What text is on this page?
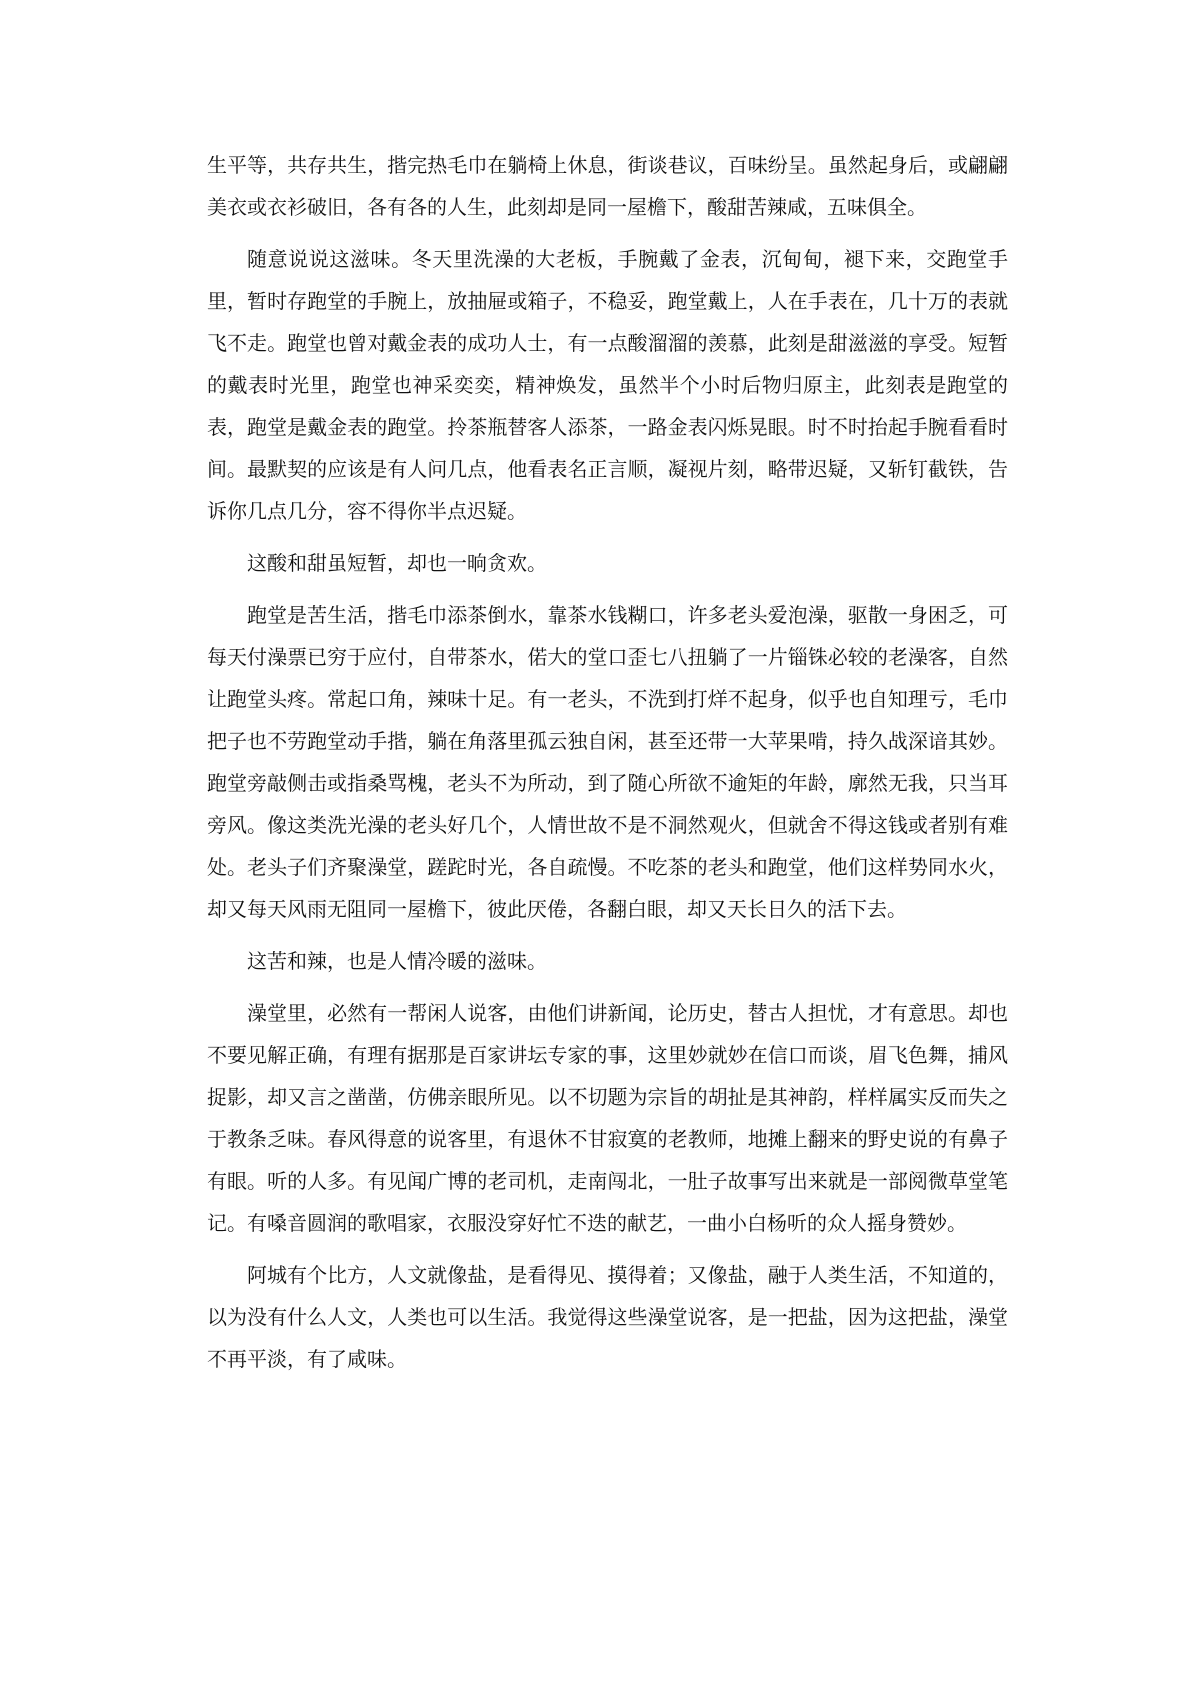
生平等，共存共生，揩完热毛巾在躺椅上休息，街谈巷议，百味纷呈。虽然起身后，或翩翩美衣或衣衫破旧，各有各的人生，此刻却是同一屋檐下，酸甜苦辣咸，五味俱全。

随意说说这滋味。冬天里洗澡的大老板，手腕戴了金表，沉甸甸，褪下来，交跑堂手里，暂时存跑堂的手腕上，放抽屉或箱子，不稳妥，跑堂戴上，人在手表在，几十万的表就飞不走。跑堂也曾对戴金表的成功人士，有一点酸溜溜的羡慕，此刻是甜滋滋的享受。短暂的戴表时光里，跑堂也神采奕奕，精神焕发，虽然半个小时后物归原主，此刻表是跑堂的表，跑堂是戴金表的跑堂。拎茶瓶替客人添茶，一路金表闪烁晃眼。时不时抬起手腕看看时间。最默契的应该是有人问几点，他看表名正言顺，凝视片刻，略带迟疑，又斩钉截铁，告诉你几点几分，容不得你半点迟疑。

这酸和甜虽短暂，却也一晌贪欢。

跑堂是苦生活，揩毛巾添茶倒水，靠茶水钱糊口，许多老头爱泡澡，驱散一身困乏，可每天付澡票已穷于应付，自带茶水，偌大的堂口歪七八扭躺了一片锱铢必较的老澡客，自然让跑堂头疼。常起口角，辣味十足。有一老头，不洗到打烊不起身，似乎也自知理亏，毛巾把子也不劳跑堂动手揩，躺在角落里孤云独自闲，甚至还带一大苹果啃，持久战深谙其妙。跑堂旁敲侧击或指桑骂槐，老头不为所动，到了随心所欲不逾矩的年龄，廓然无我，只当耳旁风。像这类洗光澡的老头好几个，人情世故不是不洞然观火，但就舍不得这钱或者别有难处。老头子们齐聚澡堂，蹉跎时光，各自疏慢。不吃茶的老头和跑堂，他们这样势同水火，却又每天风雨无阻同一屋檐下，彼此厌倦，各翻白眼，却又天长日久的活下去。

这苦和辣，也是人情冷暖的滋味。

澡堂里，必然有一帮闲人说客，由他们讲新闻，论历史，替古人担忧，才有意思。却也不要见解正确，有理有据那是百家讲坛专家的事，这里妙就妙在信口而谈，眉飞色舞，捕风捉影，却又言之凿凿，仿佛亲眼所见。以不切题为宗旨的胡扯是其神韵，样样属实反而失之于教条乏味。春风得意的说客里，有退休不甘寂寞的老教师，地摊上翻来的野史说的有鼻子有眼。听的人多。有见闻广博的老司机，走南闯北，一肚子故事写出来就是一部阅微草堂笔记。有嗓音圆润的歌唱家，衣服没穿好忙不迭的献艺，一曲小白杨听的众人摇身赞妙。

阿城有个比方，人文就像盐，是看得见、摸得着；又像盐，融于人类生活，不知道的，以为没有什么人文，人类也可以生活。我觉得这些澡堂说客，是一把盐，因为这把盐，澡堂不再平淡，有了咸味。
